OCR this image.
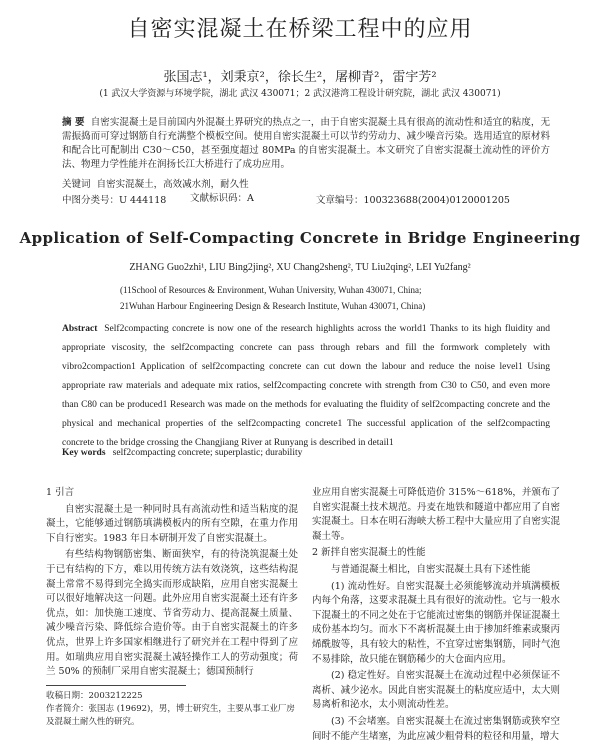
自密实混凝土在桥梁工程中的应用
张国志¹，刘秉京²，徐长生²，屠柳青²，雷宇芳²
(1 武汉大学资源与环境学院，湖北 武汉 430071；2 武汉港湾工程设计研究院，湖北 武汉 430071)
摘 要 自密实混凝土是目前国内外混凝土界研究的热点之一，由于自密实混凝土具有很高的流动性和适宜的粘度，无需振捣而可穿过钢筋自行充满整个模板空间。使用自密实混凝土可以节约劳动力、减少噪音污染。选用适宜的原材料和配合比可配制出 C30～C50，甚至强度超过 80MPa 的自密实混凝土。本文研究了自密实混凝土流动性的评价方法、物理力学性能并在润扬长江大桥进行了成功应用。
关键词 自密实混凝土，高效减水剂，耐久性
中图分类号：U 444118	文献标识码：A	文章编号：100323688(2004)0120001205
Application of Self-Compacting Concrete in Bridge Engineering
ZHANG Guo2zhi¹, LIU Bing2jing², XU Chang2sheng², TU Liu2qing², LEI Yu2fang²
(11School of Resources & Environment, Wuhan University, Wuhan 430071, China;
21Wuhan Harbour Engineering Design & Research Institute, Wuhan 430071, China)
Abstract Self2compacting concrete is now one of the research highlights across the world1 Thanks to its high fluidity and appropriate viscosity, the self2compacting concrete can pass through rebars and fill the formwork completely with vibro2compaction1 Application of self2compacting concrete can cut down the labour and reduce the noise level1 Using appropriate raw materials and adequate mix ratios, self2compacting concrete with strength from C30 to C50, and even more than C80 can be produced1 Research was made on the methods for evaluating the fluidity of self2compacting concrete and the physical and mechanical properties of the self2compacting concrete1 The successful application of the self2compacting concrete to the bridge crossing the Changjiang River at Runyang is described in detail1
Key words self2compacting concrete; superplastic; durability

1 引言

自密实混凝土是一种同时具有高流动性和适当粘度的混凝土，它能够通过钢筋填满模板内的所有空隙，在重力作用下自行密实。1983 年日本研制开发了自密实混凝土。

有些结构物钢筋密集、断面狭窄，有的待浇筑混凝土处于已有结构的下方，难以用传统方法有效浇筑，这些结构混凝土常常不易得到完全捣实而形成缺陷，应用自密实混凝土可以很好地解决这一问题。此外应用自密实混凝土还有许多优点，如：加快施工速度、节省劳动力、提高混凝土质量、减少噪音污染、降低综合造价等。由于自密实混凝土的许多优点，世界上许多国家相继进行了研究并在工程中得到了应用。如瑞典应用自密实混凝土减轻操作工人的劳动强度；荷兰 50% 的预制厂采用自密实混凝土；德国预制行

业应用自密实混凝土可降低造价 315%～618%，并颁布了自密实混凝土技术规范。丹麦在地铁和隧道中都应用了自密实混凝土。日本在明石海峡大桥工程中大量应用了自密实混凝土等。

2 新拌自密实混凝土的性能

与普通混凝土相比，自密实混凝土具有下述性能

(1) 流动性好。自密实混凝土必须能够流动并填满模板内每个角落，这要求混凝土具有很好的流动性。它与一般水下混凝土的不同之处在于它能流过密集的钢筋并保证混凝土成份基本均匀。而水下不离析混凝土由于掺加纤维素或聚丙烯酰胺等，具有较大的粘性，不宜穿过密集钢筋，同时气泡不易排除，故只能在钢筋稀少的大仓面内应用。

(2) 稳定性好。自密实混凝土在流动过程中必须保证不离析、减少泌水。因此自密实混凝土的粘度应适中，太大则易离析和泌水，太小则流动性差。

(3) 不会堵塞。自密实混凝土在流过密集钢筋或狭窄空间时不能产生堵塞，为此应减少粗骨料的粒径和用量，增大

收稿日期：2003212225
作者简介：张国志 (19692)，男，博士研究生，主要从事工业厂房及混凝土耐久性的研究。
